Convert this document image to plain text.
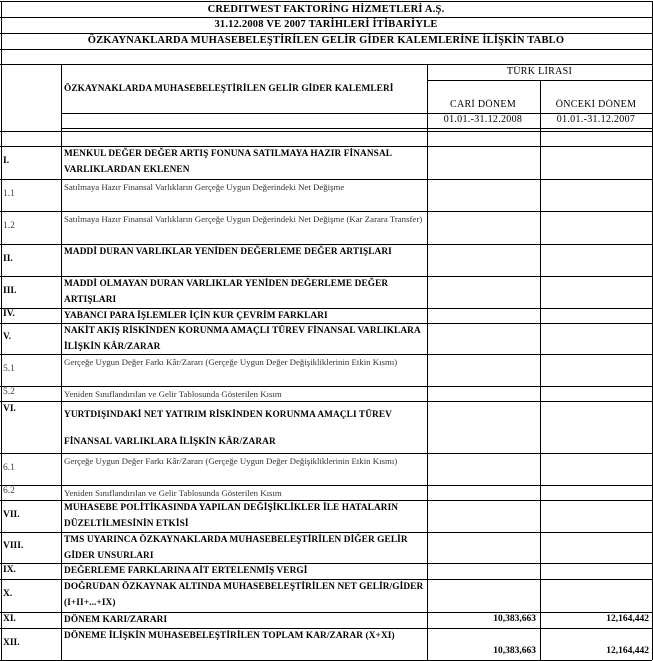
CREDITWEST FAKTORİNG HİZMETLERİ A.Ş.
31.12.2008 VE 2007 TARİHLERİ İTİBARİYLE
ÖZKAYNAKLARDA MUHASEBELEŞTİRİLEN GELİR GİDER KALEMLERİNE İLİŞKİN TABLO
ÖZKAYNAKLARDA MUHASEBELEŞTİRİLEN GELİR GİDER KALEMLERİ
TÜRK LİRASI
CARİ DÖNEM	ÖNCEKİ DÖNEM
01.01.-31.12.2008	01.01.-31.12.2007
I.
MENKUL DEĞER DEĞER ARTIŞ FONUNA SATILMAYA HAZIR FİNANSAL VARLIKLARDAN EKLENEN
1.1
Satılmaya Hazır Finansal Varlıkların Gerçeğe Uygun Değerindeki Net Değişme
1.2
Satılmaya Hazır Finansal Varlıkların Gerçeğe Uygun Değerindeki Net Değişme (Kar Zarara Transfer)
II.
MADDİ DURAN VARLIKLAR YENİDEN DEĞERLEME DEĞER ARTIŞLARI
III.
MADDİ OLMAYAN DURAN VARLIKLAR YENİDEN DEĞERLEME DEĞER ARTIŞLARI
IV.	YABANCI PARA İŞLEMLER İÇİN KUR ÇEVRİM FARKLARI
V.
NAKİT AKIŞ RİSKİNDEN KORUNMA AMAÇLI TÜREV FİNANSAL VARLIKLARA İLİŞKİN KÂR/ZARAR
5.1
Gerçeğe Uygun Değer Farkı Kâr/Zararı (Gerçeğe Uygun Değer Değişikliklerinin Etkin Kısmı)
5.2	Yeniden Sınıflandırılan ve Gelir Tablosunda Gösterilen Kısım
VI.
YURTDIŞINDAKİ NET YATIRIM RİSKİNDEN KORUNMA AMAÇLI TÜREV FİNANSAL VARLIKLARA İLİŞKİN KÂR/ZARAR
6.1
Gerçeğe Uygun Değer Farkı Kâr/Zararı (Gerçeğe Uygun Değer Değişikliklerinin Etkin Kısmı)
6.2	Yeniden Sınıflandırılan ve Gelir Tablosunda Gösterilen Kısım
VII.
MUHASEBE POLİTİKASINDA YAPILAN DEĞİŞİKLİKLER İLE HATALARIN DÜZELTİLMESİNİN ETKİSİ
VIII.
TMS UYARINCA ÖZKAYNAKLARDA MUHASEBELEŞTİRİLEN DİĞER GELİR GİDER UNSURLARI
IX.	DEĞERLEME FARKLARINA AİT ERTELENMİŞ VERGİ
X.
DOĞRUDAN ÖZKAYNAK ALTINDA MUHASEBELEŞTİRİLEN NET GELİR/GİDER (I+II+...+IX)
XI.	DÖNEM KARI/ZARARI	10,383,663	12,164,442
XII.
DÖNEME İLİŞKİN MUHASEBELEŞTİRİLEN TOPLAM KAR/ZARAR (X+XI)
10,383,663	12,164,442
